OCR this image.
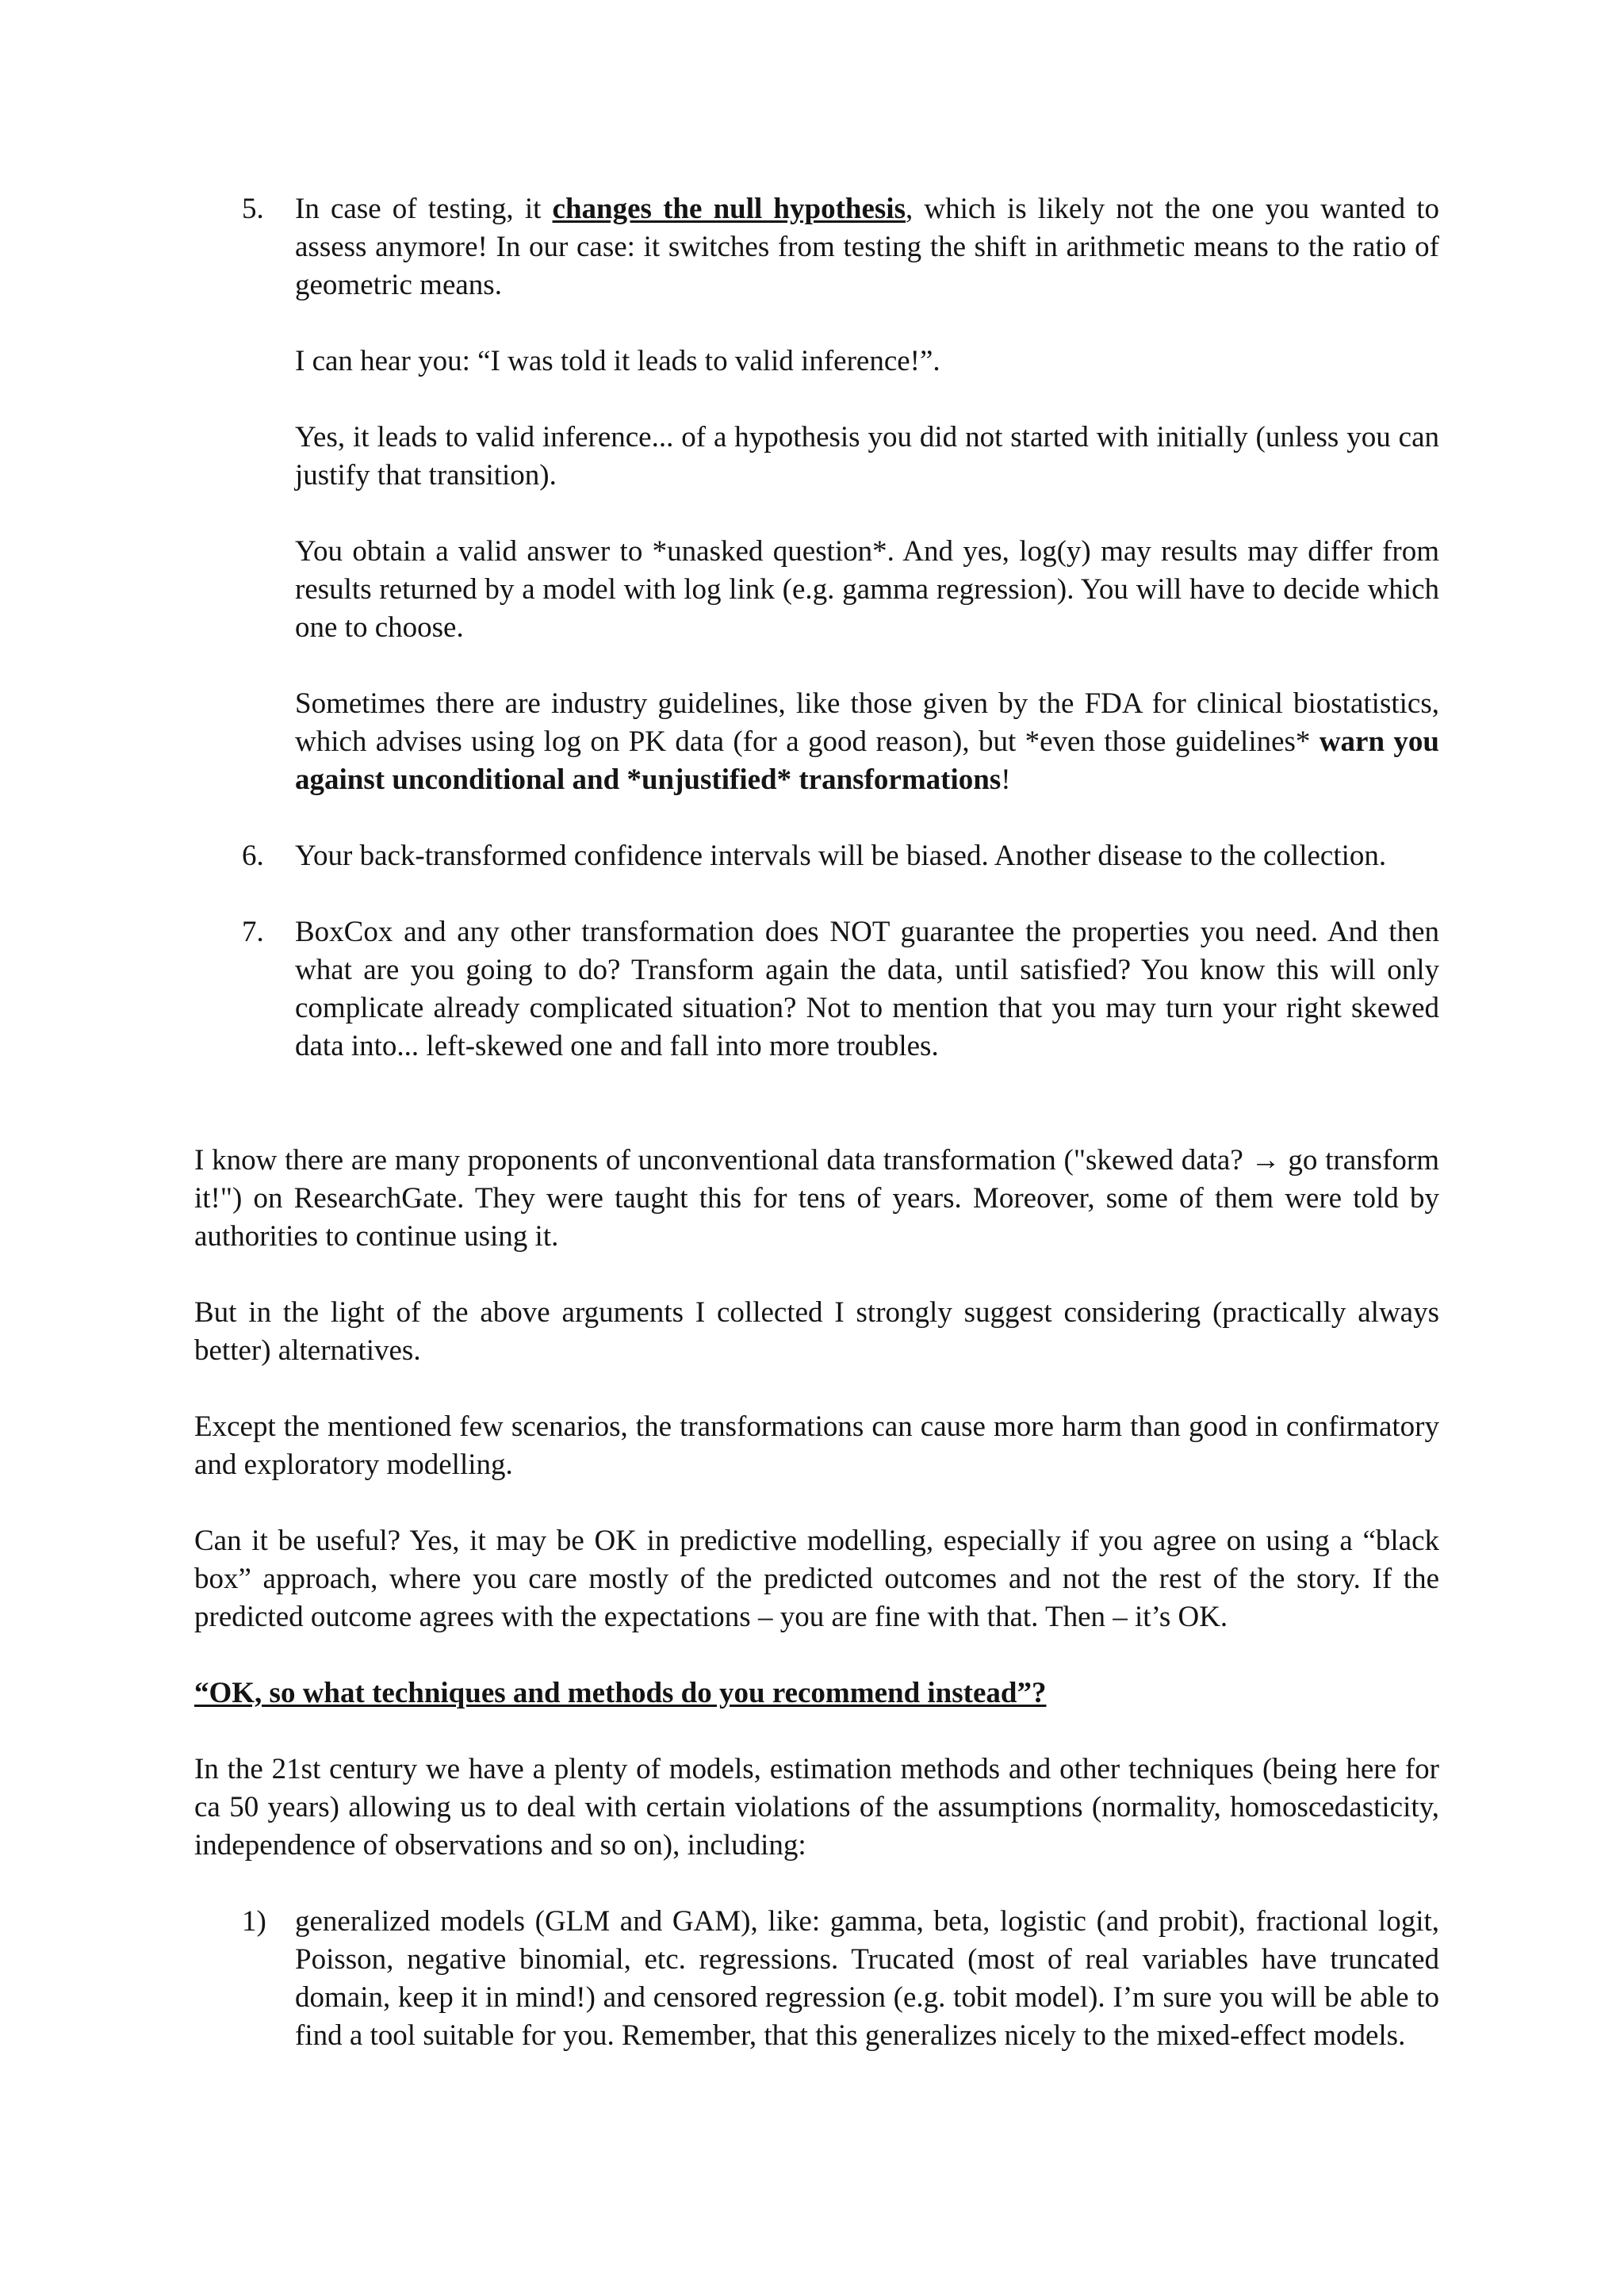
5. In case of testing, it changes the null hypothesis, which is likely not the one you wanted to assess anymore! In our case: it switches from testing the shift in arithmetic means to the ratio of geometric means.

I can hear you: “I was told it leads to valid inference!”.

Yes, it leads to valid inference... of a hypothesis you did not started with initially (unless you can justify that transition).

You obtain a valid answer to *unasked question*. And yes, log(y) may results may differ from results returned by a model with log link (e.g. gamma regression). You will have to decide which one to choose.

Sometimes there are industry guidelines, like those given by the FDA for clinical biostatistics, which advises using log on PK data (for a good reason), but *even those guidelines* warn you against unconditional and *unjustified* transformations!

6. Your back-transformed confidence intervals will be biased. Another disease to the collection.

7. BoxCox and any other transformation does NOT guarantee the properties you need. And then what are you going to do? Transform again the data, until satisfied? You know this will only complicate already complicated situation? Not to mention that you may turn your right skewed data into... left-skewed one and fall into more troubles.

I know there are many proponents of unconventional data transformation ("skewed data? → go transform it!") on ResearchGate. They were taught this for tens of years. Moreover, some of them were told by authorities to continue using it.

But in the light of the above arguments I collected I strongly suggest considering (practically always better) alternatives.

Except the mentioned few scenarios, the transformations can cause more harm than good in confirmatory and exploratory modelling.

Can it be useful? Yes, it may be OK in predictive modelling, especially if you agree on using a “black box” approach, where you care mostly of the predicted outcomes and not the rest of the story. If the predicted outcome agrees with the expectations – you are fine with that. Then – it’s OK.

“OK, so what techniques and methods do you recommend instead”?

In the 21st century we have a plenty of models, estimation methods and other techniques (being here for ca 50 years) allowing us to deal with certain violations of the assumptions (normality, homoscedasticity, independence of observations and so on), including:

1) generalized models (GLM and GAM), like: gamma, beta, logistic (and probit), fractional logit, Poisson, negative binomial, etc. regressions. Trucated (most of real variables have truncated domain, keep it in mind!) and censored regression (e.g. tobit model). I’m sure you will be able to find a tool suitable for you. Remember, that this generalizes nicely to the mixed-effect models.
